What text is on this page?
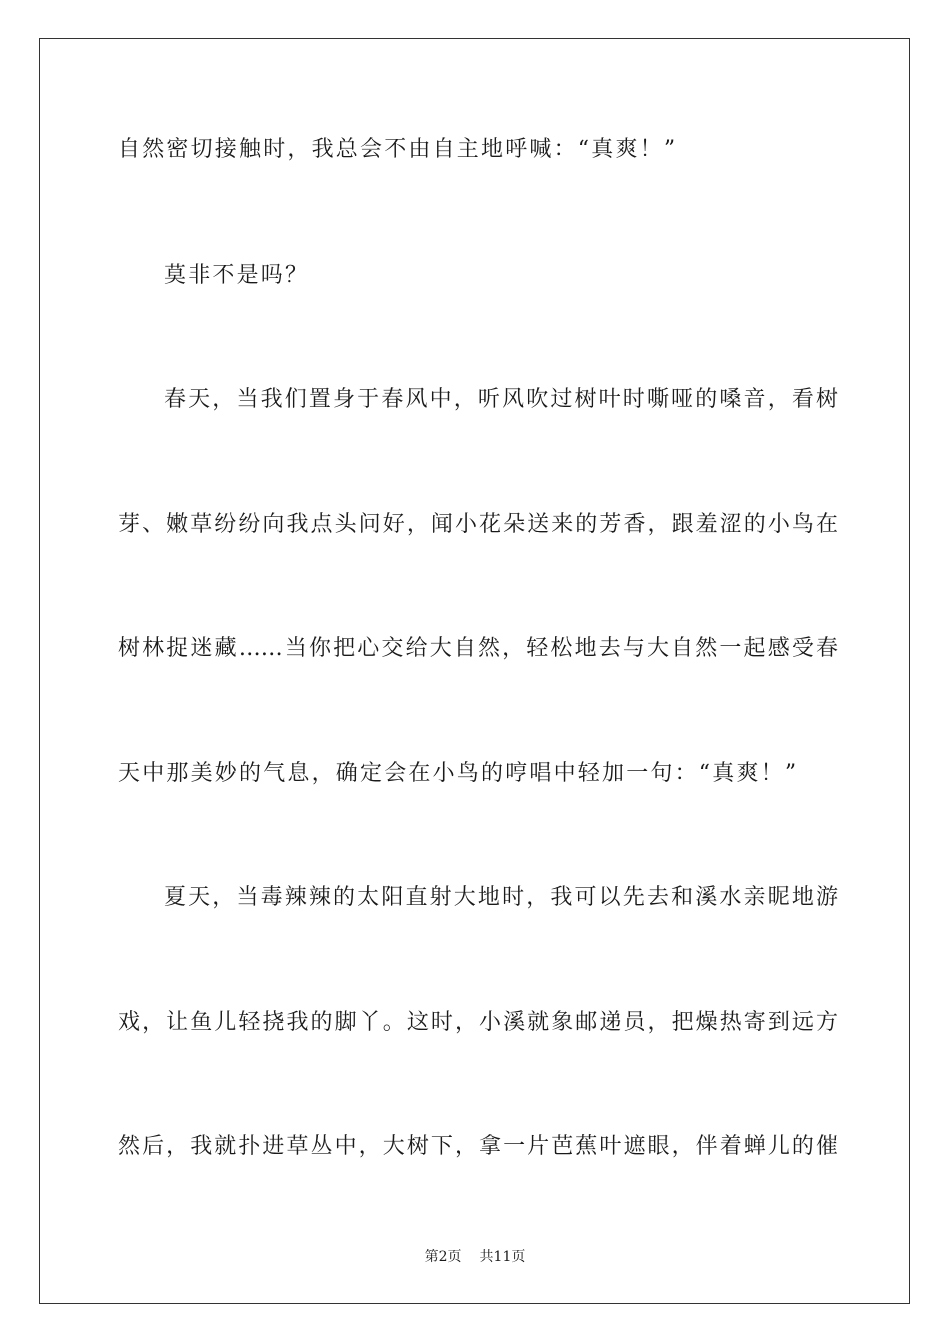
自然密切接触时，我总会不由自主地呼喊：“真爽！”
莫非不是吗？
春天，当我们置身于春风中，听风吹过树叶时嘶哑的嗓音，看树
芽、嫩草纷纷向我点头问好，闻小花朵送来的芳香，跟羞涩的小鸟在
树林捉迷藏……当你把心交给大自然，轻松地去与大自然一起感受春
天中那美妙的气息，确定会在小鸟的哼唱中轻加一句：“真爽！”
夏天，当毒辣辣的太阳直射大地时，我可以先去和溪水亲昵地游
戏，让鱼儿轻挠我的脚丫。这时，小溪就象邮递员，把燥热寄到远方
然后，我就扑进草丛中，大树下，拿一片芭蕉叶遮眼，伴着蝉儿的催
第2页 共11页
